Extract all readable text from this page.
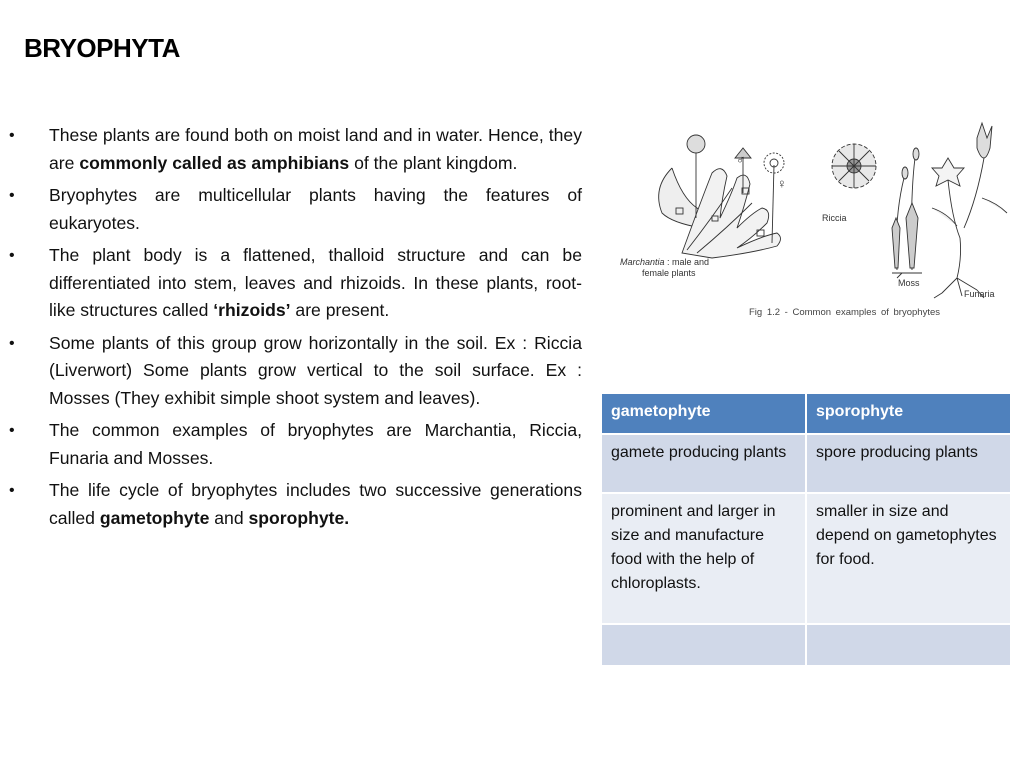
BRYOPHYTA
• These plants are found both on moist land and in water. Hence, they are commonly called as amphibians of the plant kingdom.
• Bryophytes are multicellular plants having the features of eukaryotes.
• The plant body is a flattened, thalloid structure and can be differentiated into stem, leaves and rhizoids. In these plants, root-like structures called ‘rhizoids’ are present.
• Some plants of this group grow horizontally in the soil. Ex : Riccia (Liverwort) Some plants grow vertical to the soil surface. Ex : Mosses (They exhibit simple shoot system and leaves).
• The common examples of bryophytes are Marchantia, Riccia, Funaria and Mosses.
• The life cycle of bryophytes includes two successive generations called gametophyte and sporophyte.
♂
♀
Marchantia : male and
female plants
Riccia
Moss
Funaria
Fig 1.2 - Common examples of bryophytes
gametophyte	sporophyte
gamete producing plants	spore producing plants
prominent and larger in size and manufacture food with the help of chloroplasts.	smaller in size and depend on gametophytes for food.
